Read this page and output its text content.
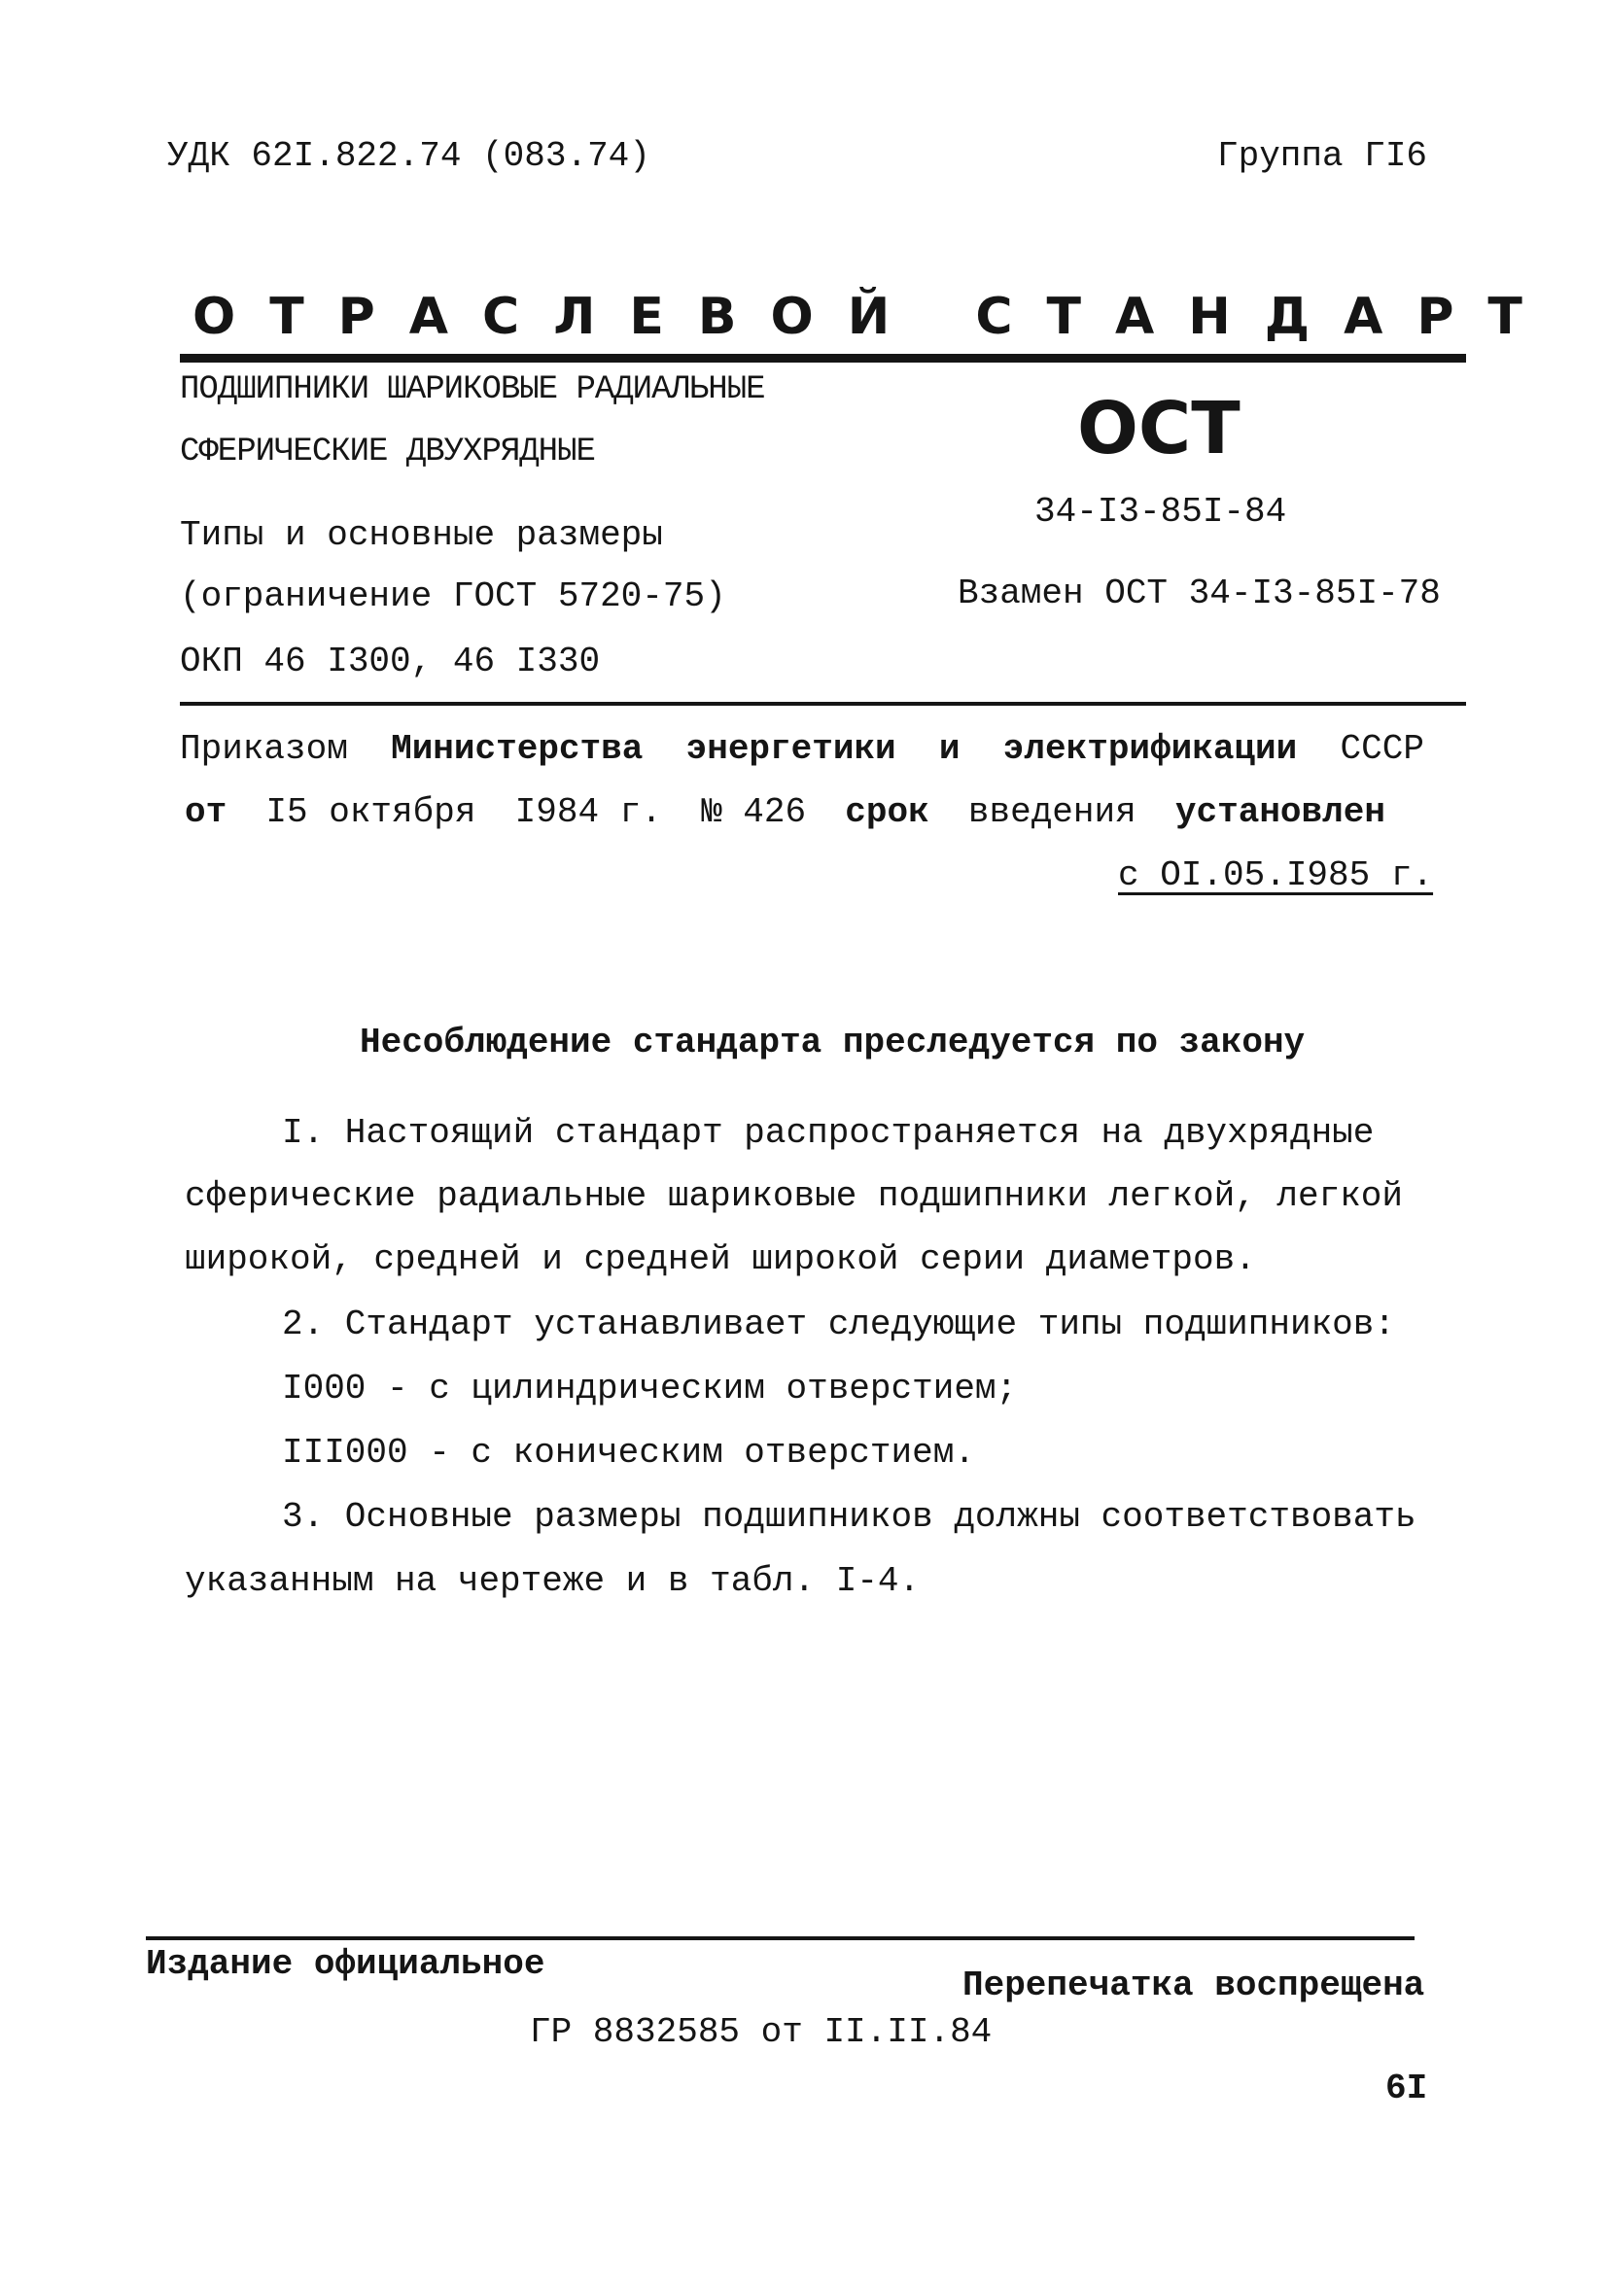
УДК 62I.822.74 (083.74)	Группа ГI6
ОТРАСЛЕВОЙ СТАНДАРТ
ПОДШИПНИКИ ШАРИКОВЫЕ РАДИАЛЬНЫЕ
СФЕРИЧЕСКИЕ ДВУХРЯДНЫЕ	ОСТ
34-I3-85I-84
Типы и основные размеры
(ограничение ГОСТ 5720-75)	Взамен ОСТ 34-I3-85I-78
ОКП 46 I300, 46 I330
Приказом Министерства энергетики и электрификации СССР
от I5 октября I984 г. № 426 срок введения установлен
с OI.05.I985 г.
Несоблюдение стандарта преследуется по закону
I. Настоящий стандарт распространяется на двухрядные
сферические радиальные шариковые подшипники легкой, легкой
широкой, средней и средней широкой серии диаметров.
2. Стандарт устанавливает следующие типы подшипников:
I000 - с цилиндрическим отверстием;
III000 - с коническим отверстием.
3. Основные размеры подшипников должны соответствовать
указанным на чертеже и в табл. I-4.
Издание официальное
Перепечатка воспрещена
ГР 8832585 от II.II.84
6I
